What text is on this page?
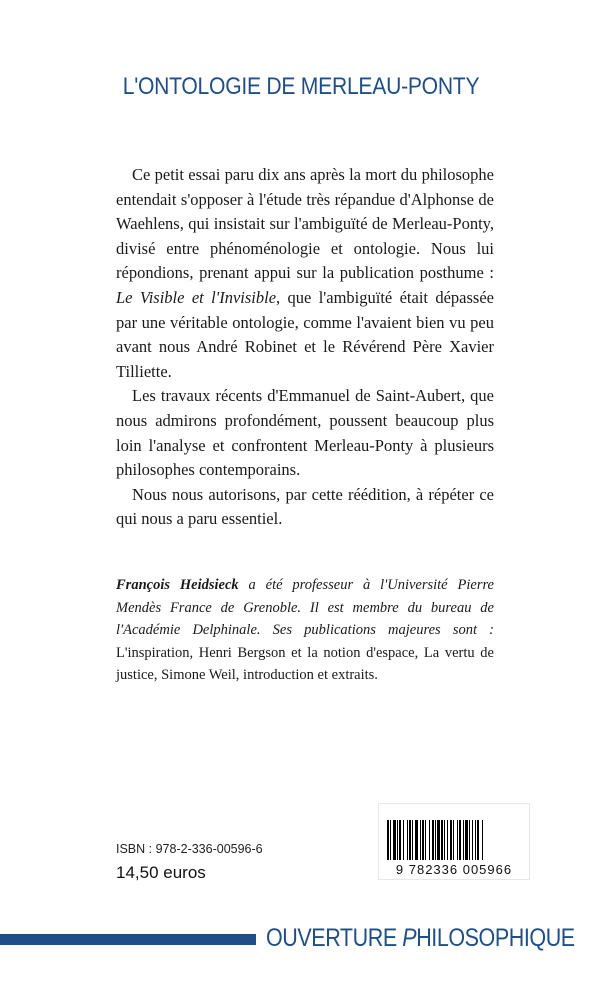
L'ONTOLOGIE DE MERLEAU-PONTY

Ce petit essai paru dix ans après la mort du philosophe entendait s'opposer à l'étude très répandue d'Alphonse de Waehlens, qui insistait sur l'ambiguïté de Merleau-Ponty, divisé entre phénoménologie et ontologie. Nous lui répondions, prenant appui sur la publication posthume : Le Visible et l'Invisible, que l'ambiguïté était dépassée par une véritable ontologie, comme l'avaient bien vu peu avant nous André Robinet et le Révérend Père Xavier Tilliette.

Les travaux récents d'Emmanuel de Saint-Aubert, que nous admirons profondément, poussent beaucoup plus loin l'analyse et confrontent Merleau-Ponty à plusieurs philosophes contemporains.

Nous nous autorisons, par cette réédition, à répéter ce qui nous a paru essentiel.

François Heidsieck a été professeur à l'Université Pierre Mendès France de Grenoble. Il est membre du bureau de l'Académie Delphinale. Ses publications majeures sont : L'inspiration, Henri Bergson et la notion d'espace, La vertu de justice, Simone Weil, introduction et extraits.

ISBN : 978-2-336-00596-6
14,50 euros	9 782336 005966
OUVERTURE PHILOSOPHIQUE
